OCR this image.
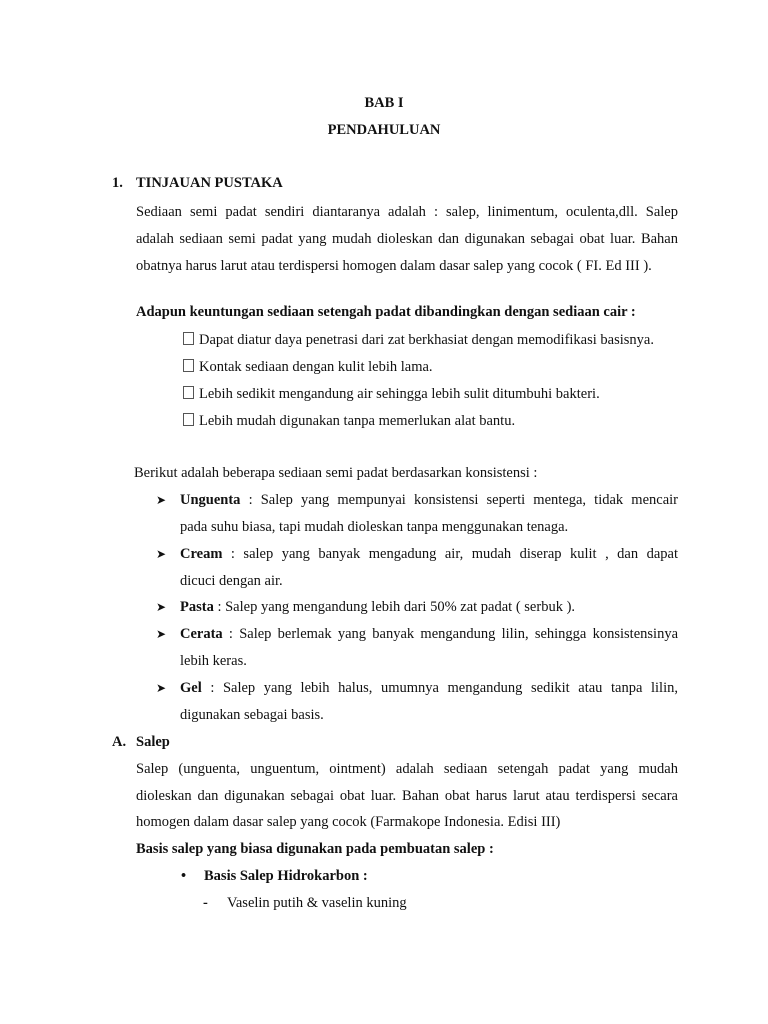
BAB I
PENDAHULUAN
1. TINJAUAN PUSTAKA
Sediaan semi padat sendiri diantaranya adalah : salep, linimentum, oculenta,dll. Salep
adalah sediaan semi padat yang mudah dioleskan dan digunakan sebagai obat luar. Bahan
obatnya harus larut atau terdispersi homogen dalam dasar salep yang cocok ( FI. Ed III ).
Adapun keuntungan sediaan setengah padat dibandingkan dengan sediaan cair :
Dapat diatur daya penetrasi dari zat berkhasiat dengan memodifikasi basisnya.
Kontak sediaan dengan kulit lebih lama.
Lebih sedikit mengandung air sehingga lebih sulit ditumbuhi bakteri.
Lebih mudah digunakan tanpa memerlukan alat bantu.
Berikut adalah beberapa sediaan semi padat berdasarkan konsistensi :
➤ Unguenta : Salep yang mempunyai konsistensi seperti mentega, tidak mencair
pada suhu biasa, tapi mudah dioleskan tanpa menggunakan tenaga.
➤ Cream : salep yang banyak mengadung air, mudah diserap kulit , dan dapat
dicuci dengan air.
➤ Pasta : Salep yang mengandung lebih dari 50% zat padat ( serbuk ).
➤ Cerata : Salep berlemak yang banyak mengandung lilin, sehingga konsistensinya
lebih keras.
➤ Gel : Salep yang lebih halus, umumnya mengandung sedikit atau tanpa lilin,
digunakan sebagai basis.
A. Salep
Salep (unguenta, unguentum, ointment) adalah sediaan setengah padat yang mudah
dioleskan dan digunakan sebagai obat luar. Bahan obat harus larut atau terdispersi secara
homogen dalam dasar salep yang cocok (Farmakope Indonesia. Edisi III)
Basis salep yang biasa digunakan pada pembuatan salep :
• Basis Salep Hidrokarbon :
- Vaselin putih & vaselin kuning
